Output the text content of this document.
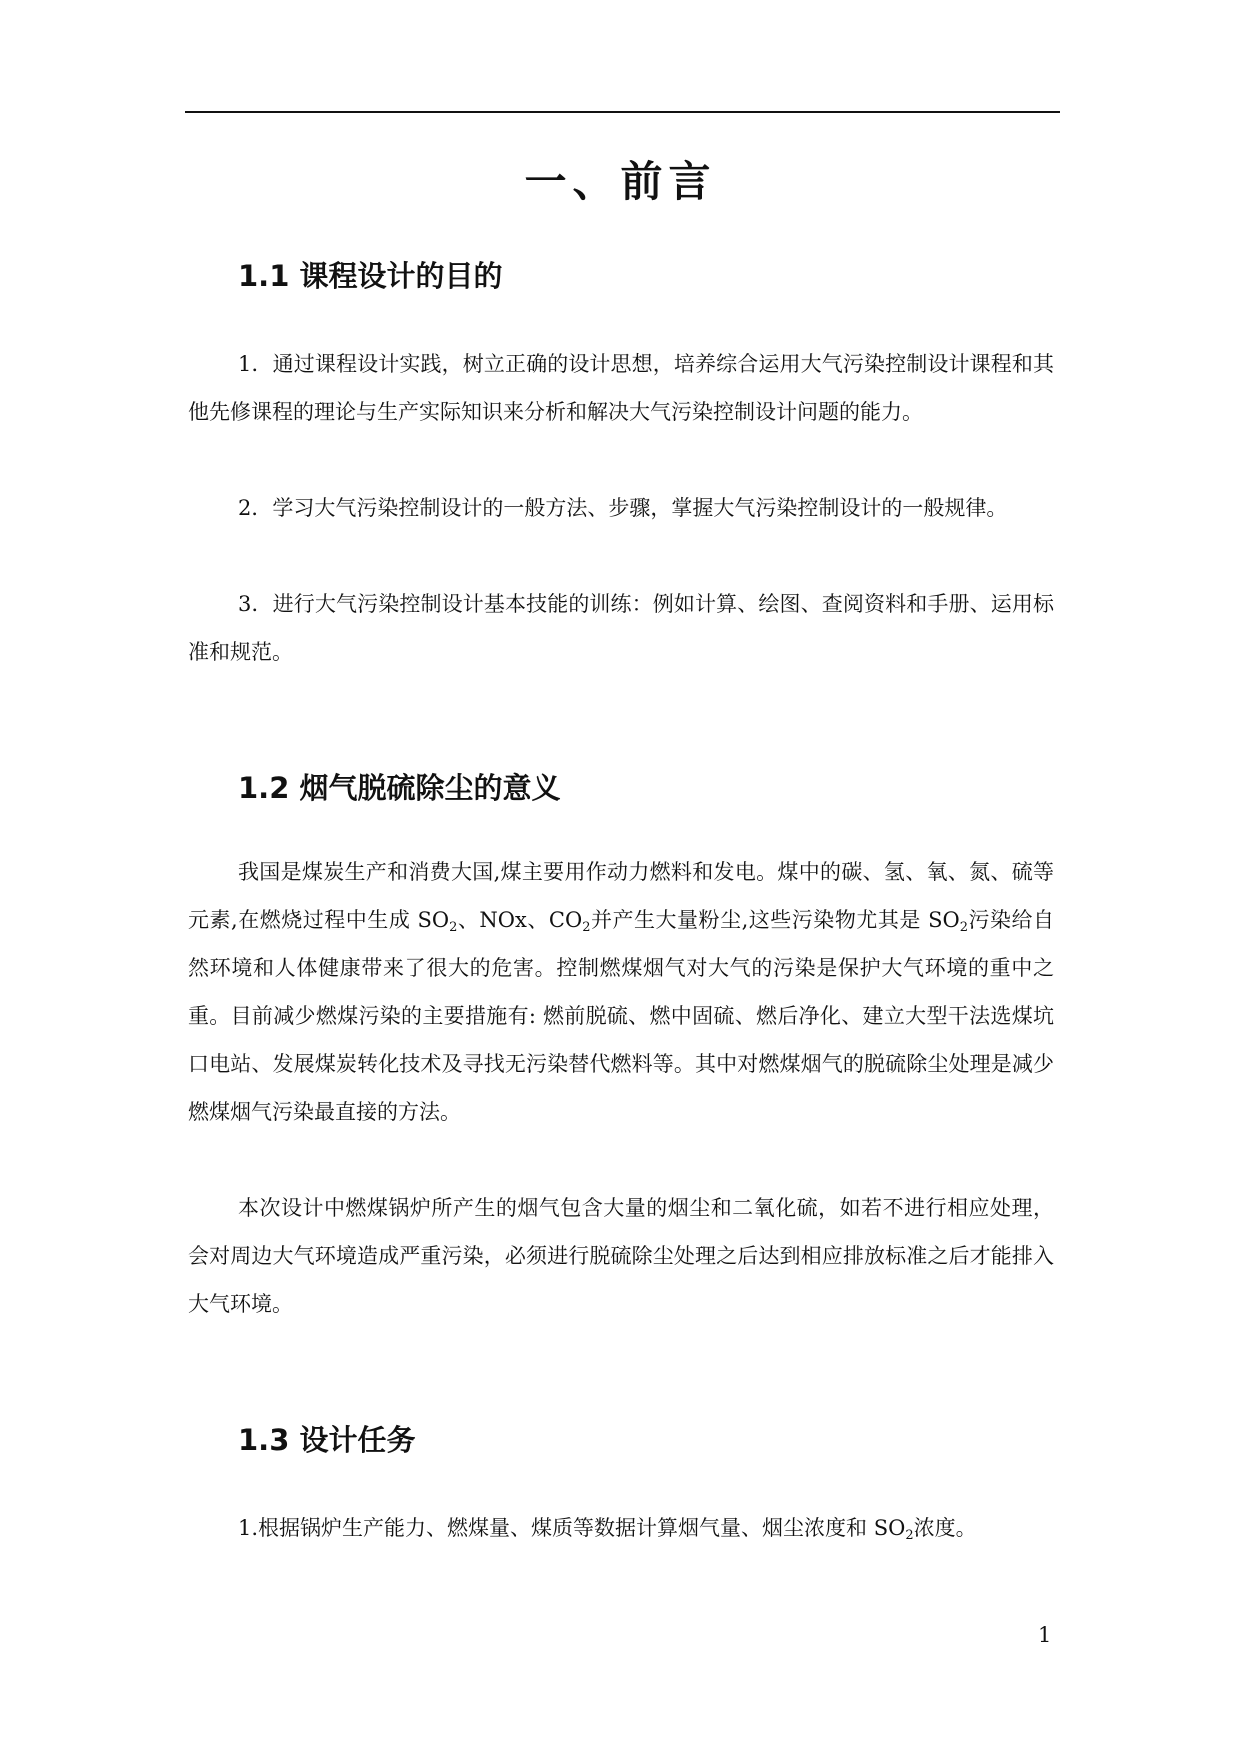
一、前言
1.1 课程设计的目的
1．通过课程设计实践，树立正确的设计思想，培养综合运用大气污染控制设计课程和其他先修课程的理论与生产实际知识来分析和解决大气污染控制设计问题的能力。
2．学习大气污染控制设计的一般方法、步骤，掌握大气污染控制设计的一般规律。
3．进行大气污染控制设计基本技能的训练：例如计算、绘图、查阅资料和手册、运用标准和规范。
1.2 烟气脱硫除尘的意义
我国是煤炭生产和消费大国,煤主要用作动力燃料和发电。煤中的碳、氢、氧、氮、硫等元素,在燃烧过程中生成 $SO_2$、NOx、$CO_2$并产生大量粉尘,这些污染物尤其是 $SO_2$污染给自然环境和人体健康带来了很大的危害。控制燃煤烟气对大气的污染是保护大气环境的重中之重。目前减少燃煤污染的主要措施有: 燃前脱硫、燃中固硫、燃后净化、建立大型干法选煤坑口电站、发展煤炭转化技术及寻找无污染替代燃料等。其中对燃煤烟气的脱硫除尘处理是减少燃煤烟气污染最直接的方法。
本次设计中燃煤锅炉所产生的烟气包含大量的烟尘和二氧化硫，如若不进行相应处理，会对周边大气环境造成严重污染，必须进行脱硫除尘处理之后达到相应排放标准之后才能排入大气环境。
1.3 设计任务
1.根据锅炉生产能力、燃煤量、煤质等数据计算烟气量、烟尘浓度和 $SO_2$浓度。
1
